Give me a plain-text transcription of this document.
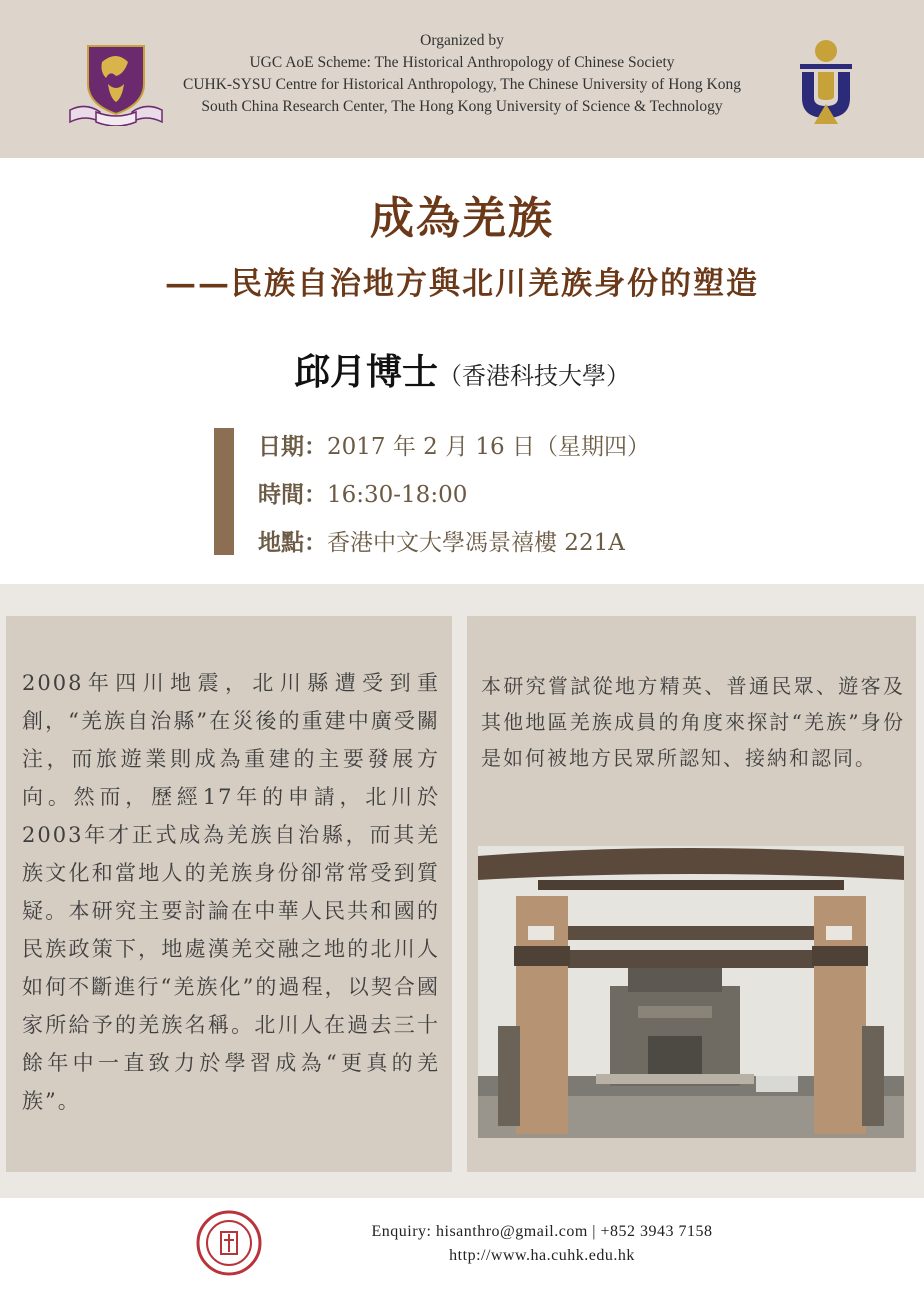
Organized by
UGC AoE Scheme: The Historical Anthropology of Chinese Society
CUHK-SYSU Centre for Historical Anthropology, The Chinese University of Hong Kong
South China Research Center, The Hong Kong University of Science & Technology
成為羌族
——民族自治地方與北川羌族身份的塑造
邱月博士（香港科技大學）
日期：2017 年 2 月 16 日（星期四）
時間：16:30-18:00
地點：香港中文大學馮景禧樓 221A
2008年四川地震，北川縣遭受到重創，“羌族自治縣”在災後的重建中廣受關注，而旅遊業則成為重建的主要發展方向。然而，歷經17年的申請，北川於2003年才正式成為羌族自治縣，而其羌族文化和當地人的羌族身份卻常常受到質疑。本研究主要討論在中華人民共和國的民族政策下，地處漢羌交融之地的北川人如何不斷進行“羌族化”的過程，以契合國家所給予的羌族名稱。北川人在過去三十餘年中一直致力於學習成為“更真的羌族”。
本研究嘗試從地方精英、普通民眾、遊客及其他地區羌族成員的角度來探討“羌族”身份是如何被地方民眾所認知、接納和認同。
Enquiry: hisanthro@gmail.com | +852 3943 7158
http://www.ha.cuhk.edu.hk
